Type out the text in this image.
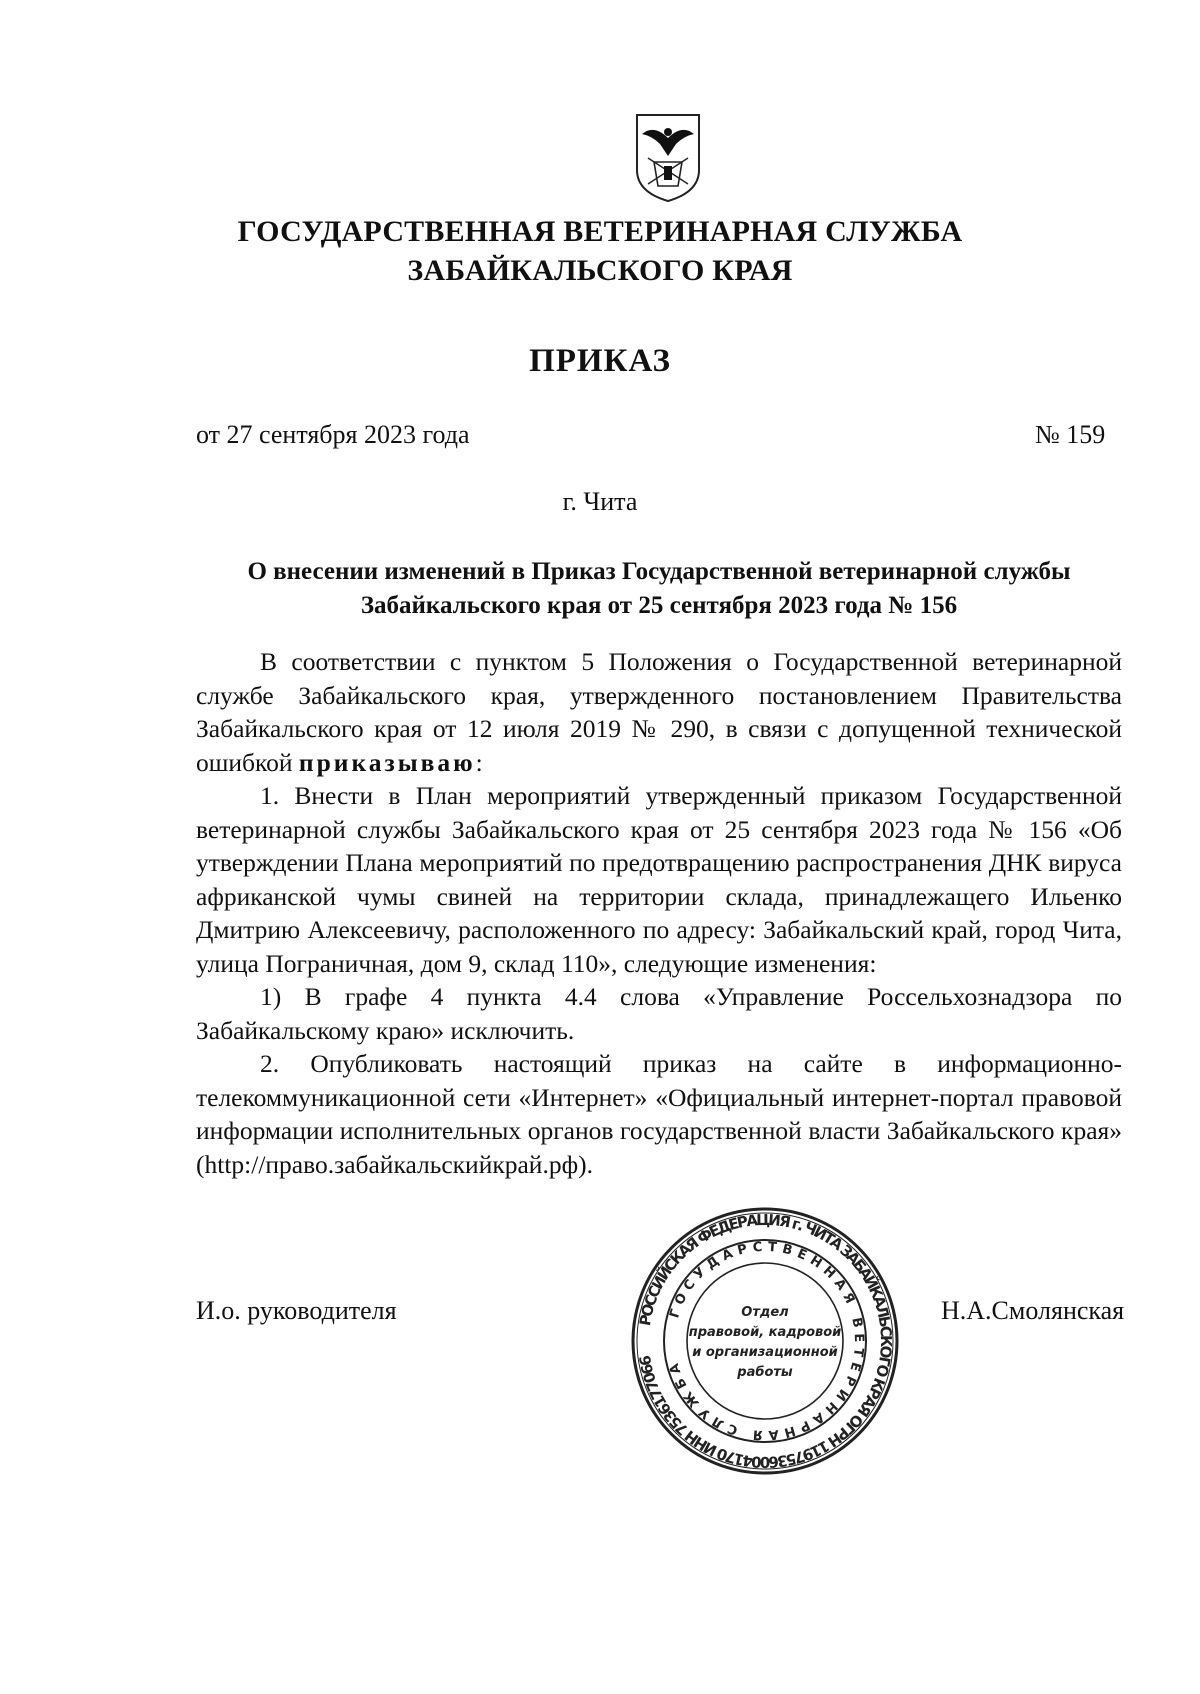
ГОСУДАРСТВЕННАЯ ВЕТЕРИНАРНАЯ СЛУЖБА
ЗАБАЙКАЛЬСКОГО КРАЯ
ПРИКАЗ
от 27 сентября 2023 года	№ 159
г. Чита
О внесении изменений в Приказ Государственной ветеринарной службы
Забайкальского края от 25 сентября 2023 года № 156

В соответствии с пунктом 5 Положения о Государственной ветеринарной службе Забайкальского края, утвержденного постановлением Правительства Забайкальского края от 12 июля 2019 № 290, в связи с допущенной технической ошибкой приказываю:

1. Внести в План мероприятий утвержденный приказом Государственной ветеринарной службы Забайкальского края от 25 сентября 2023 года № 156 «Об утверждении Плана мероприятий по предотвращению распространения ДНК вируса африканской чумы свиней на территории склада, принадлежащего Ильенко Дмитрию Алексеевичу, расположенного по адресу: Забайкальский край, город Чита, улица Пограничная, дом 9, склад 110», следующие изменения:

1) В графе 4 пункта 4.4 слова «Управление Россельхознадзора по Забайкальскому краю» исключить.

2. Опубликовать настоящий приказ на сайте в информационно-телекоммуникационной сети «Интернет» «Официальный интернет-портал правовой информации исполнительных органов государственной власти Забайкальского края» (http://право.забайкальскийкрай.рф).

И.о. руководителя	Н.А.Смолянская
РОССИЙСКАЯ ФЕДЕРАЦИЯ г. ЧИТА ЗАБАЙКАЛЬСКОГО КРАЯ ОГРН 1197536004170 ИНН 7536177066
ГОСУДАРСТВЕННАЯ ВЕТЕРИНАРНАЯ СЛУЖБА
Отдел
правовой, кадровой
и организационной
работы
